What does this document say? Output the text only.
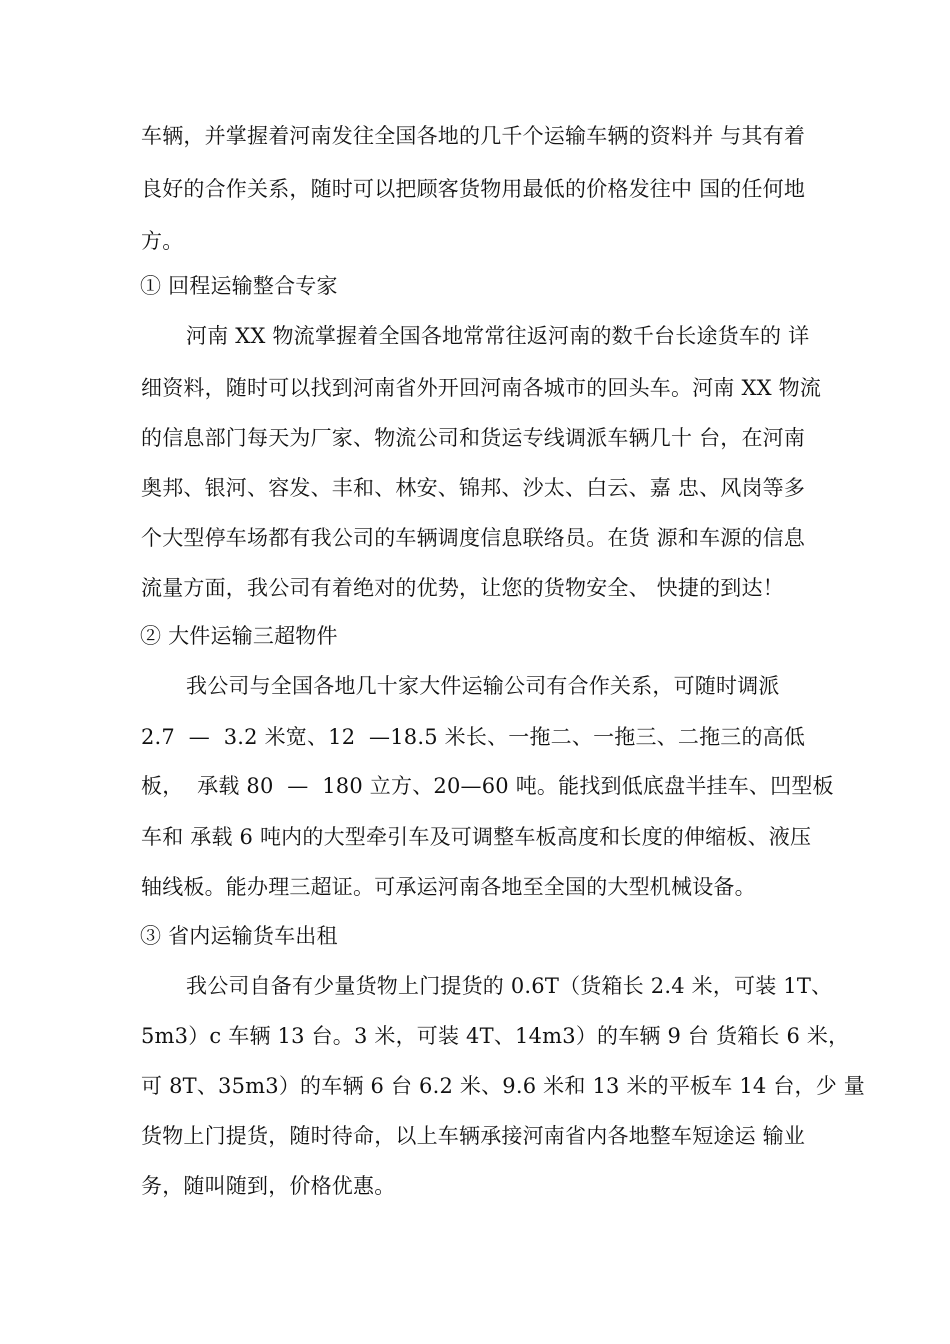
车辆，并掌握着河南发往全国各地的几千个运输车辆的资料并 与其有着
良好的合作关系，随时可以把顾客货物用最低的价格发往中 国的任何地
方。
① 回程运输整合专家
河南 XX 物流掌握着全国各地常常往返河南的数千台长途货车的 详
细资料，随时可以找到河南省外开回河南各城市的回头车。河南 XX 物流
的信息部门每天为厂家、物流公司和货运专线调派车辆几十 台，在河南
奥邦、银河、容发、丰和、林安、锦邦、沙太、白云、嘉 忠、风岗等多
个大型停车场都有我公司的车辆调度信息联络员。在货 源和车源的信息
流量方面，我公司有着绝对的优势，让您的货物安全、 快捷的到达！
② 大件运输三超物件
我公司与全国各地几十家大件运输公司有合作关系，可随时调派
2.7  —  3.2 米宽、12  —18.5 米长、一拖二、一拖三、二拖三的高低
板，  承载 80  —  180 立方、20—60 吨。能找到低底盘半挂车、凹型板
车和 承载 6 吨内的大型牵引车及可调整车板高度和长度的伸缩板、液压
轴线板。能办理三超证。可承运河南各地至全国的大型机械设备。
③ 省内运输货车出租
我公司自备有少量货物上门提货的 0.6T（货箱长 2.4 米，可装 1T、
5m3）c 车辆 13 台。3 米，可装 4T、14m3）的车辆 9 台 货箱长 6 米，
可 8T、35m3）的车辆 6 台 6.2 米、9.6 米和 13 米的平板车 14 台，少 量
货物上门提货，随时待命，以上车辆承接河南省内各地整车短途运 输业
务，随叫随到，价格优惠。
